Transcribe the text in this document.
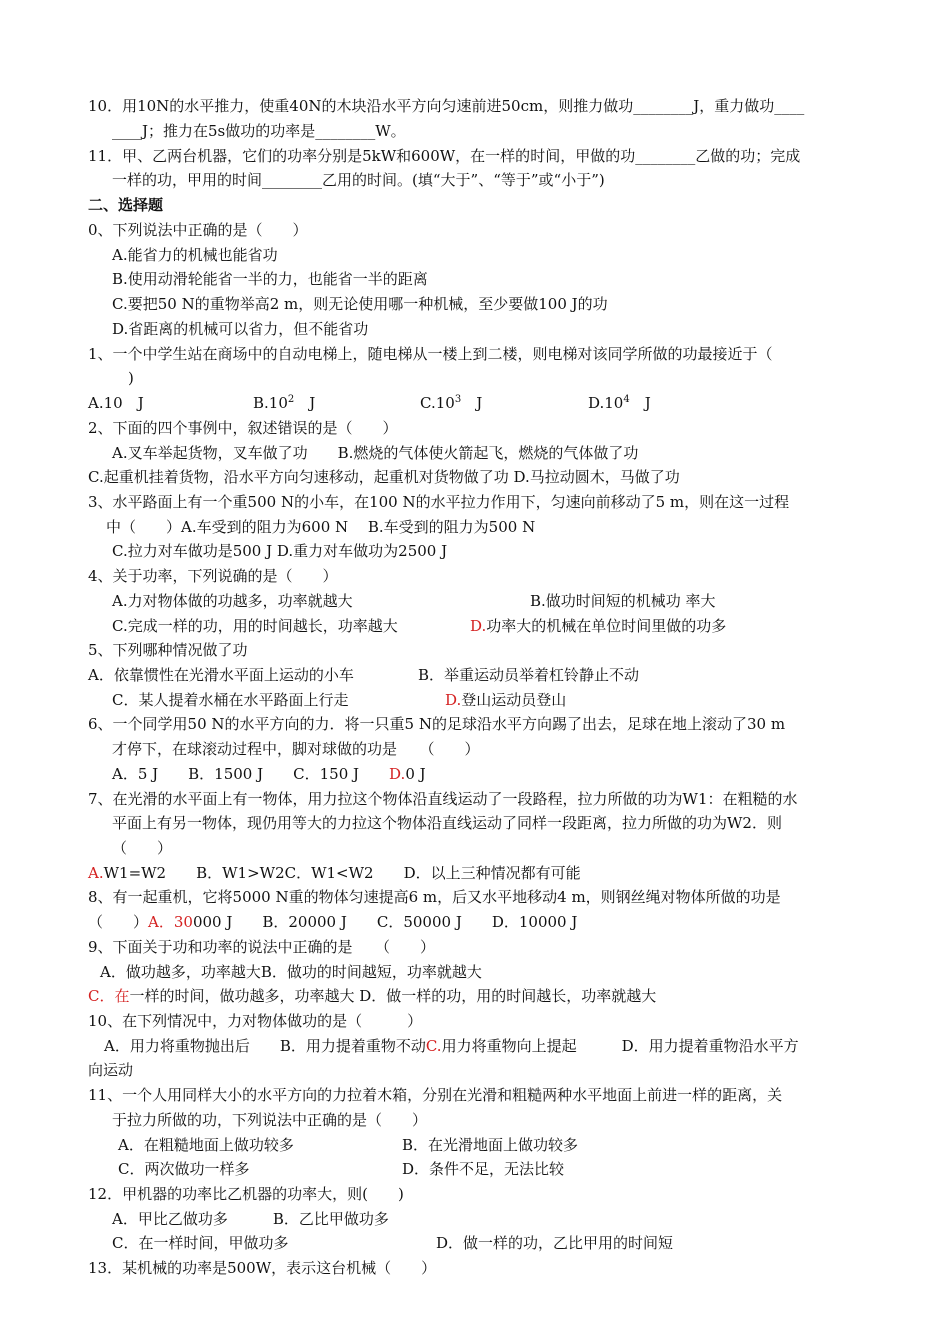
10．用10N的水平推力，使重40N的木块沿水平方向匀速前进50cm，则推力做功________J，重力做功____
____J；推力在5s做功的功率是________W。
11．甲、乙两台机器，它们的功率分别是5kW和600W，在一样的时间，甲做的功________乙做的功；完成
一样的功，甲用的时间________乙用的时间。(填“大于”、“等于”或“小于”)
二、选择题
0、下列说法中正确的是（　　）
A.能省力的机械也能省功
B.使用动滑轮能省一半的力，也能省一半的距离
C.要把50 N的重物举高2 m，则无论使用哪一种机械，至少要做100 J的功
D.省距离的机械可以省力，但不能省功
1、一个中学生站在商场中的自动电梯上，随电梯从一楼上到二楼，则电梯对该同学所做的功最接近于（
)
A.10　J	$B.10^2$　J	$C.10^3$　J	$D.10^4$　J
2、下面的四个事例中，叙述错误的是（　　）
A.叉车举起货物，叉车做了功　　B.燃烧的气体使火箭起飞，燃烧的气体做了功
C.起重机挂着货物，沿水平方向匀速移动，起重机对货物做了功 D.马拉动圆木，马做了功
3、水平路面上有一个重500 N的小车，在100 N的水平拉力作用下，匀速向前移动了5 m，则在这一过程
中（　　）A.车受到的阻力为600 N　 B.车受到的阻力为500 N
C.拉力对车做功是500 J D.重力对车做功为2500 J
4、关于功率，下列说确的是（　　）
A.力对物体做的功越多，功率就越大	B.做功时间短的机械功 率大
C.完成一样的功，用的时间越长，功率越大	D.功率大的机械在单位时间里做的功多
5、下列哪种情况做了功
A．依靠惯性在光滑水平面上运动的小车	B．举重运动员举着杠铃静止不动
C．某人提着水桶在水平路面上行走	D.登山运动员登山
6、一个同学用50 N的水平方向的力．将一只重5 N的足球沿水平方向踢了出去，足球在地上滚动了30 m
才停下，在球滚动过程中，脚对球做的功是　　（　　）
A．5 J　　B．1500 J　　C．150 J　　 D.0 J
7、在光滑的水平面上有一物体，用力拉这个物体沿直线运动了一段路程，拉力所做的功为W1：在粗糙的水
平面上有另一物体，现仍用等大的力拉这个物体沿直线运动了同样一段距离，拉力所做的功为W2．则
（　　）
A.W1=W2　　B．W1>W2C．W1<W2　　D．以上三种情况都有可能
8、有一起重机，它将5000 N重的物体匀速提高6 m，后又水平地移动4 m，则钢丝绳对物体所做的功是
（　　）A．30000 J　　B．20000 J　　C．50000 J　　D．10000 J
9、下面关于功和功率的说法中正确的是　　（　　）
A．做功越多，功率越大B．做功的时间越短，功率就越大
C．在一样的时间，做功越多，功率越大 D．做一样的功，用的时间越长，功率就越大
10、在下列情况中，力对物体做功的是（　　　）
A．用力将重物抛出后　　B．用力提着重物不动C.用力将重物向上提起　　　D．用力提着重物沿水平方
向运动
11、一个人用同样大小的水平方向的力拉着木箱，分别在光滑和粗糙两种水平地面上前进一样的距离，关
于拉力所做的功，下列说法中正确的是（　　）
A．在粗糙地面上做功较多	B．在光滑地面上做功较多
C．两次做功一样多	D．条件不足，无法比较
12．甲机器的功率比乙机器的功率大，则(　　)
A．甲比乙做功多　　　B．乙比甲做功多
C．在一样时间，甲做功多	D．做一样的功，乙比甲用的时间短
13．某机械的功率是500W，表示这台机械（　　）
